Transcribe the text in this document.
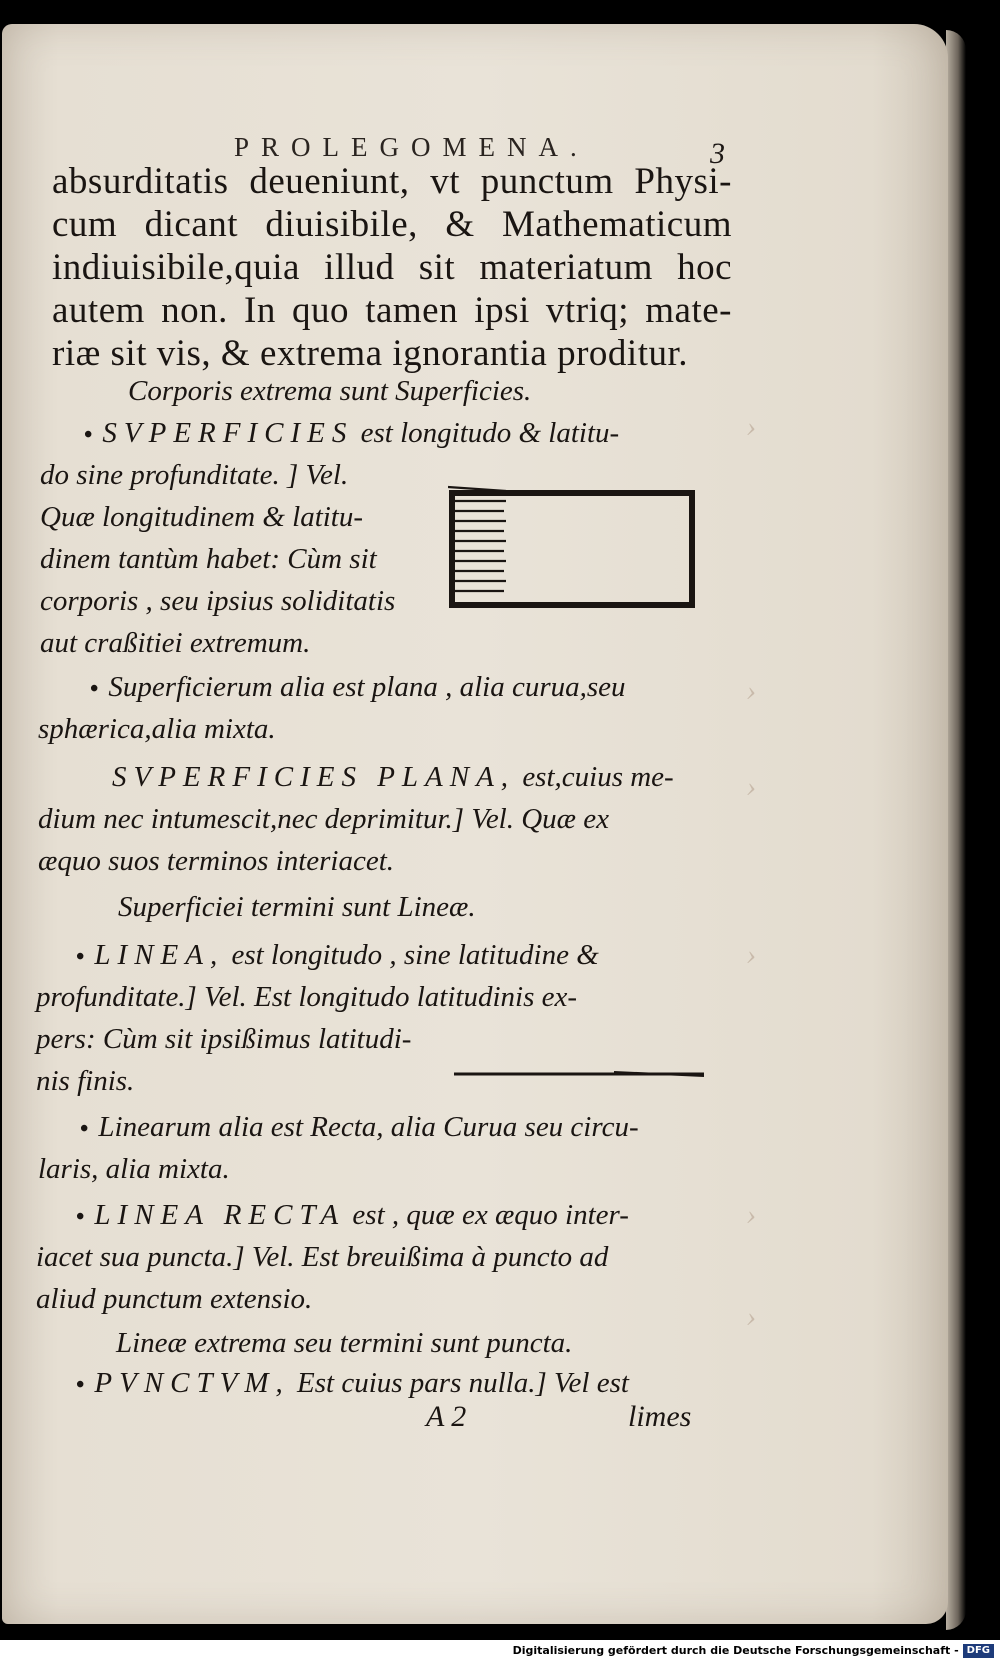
PROLEGOMENA.	3

absurditatis deueniunt, vt punctum Physi-

cum dicant diuisibile, & Mathematicum

indiuisibile,quia illud sit materiatum hoc

autem non. In quo tamen ipsi vtriq; mate-

riæ sit vis, & extrema ignorantia proditur.

Corporis extrema sunt Superficies.
• SVPERFICIES est longitudo & latitu-
do sine profunditate. ] Vel.
Quæ longitudinem & latitu-
dinem tantùm habet: Cùm sit
corporis , seu ipsius soliditatis
aut craßitiei extremum.
• Superficierum alia est plana , alia curua,seu
sphærica,alia mixta.
SVPERFICIES PLANA, est,cuius me-
dium nec intumescit,nec deprimitur.] Vel. Quæ ex
æquo suos terminos interiacet.
Superficiei termini sunt Lineæ.
• LINEA, est longitudo , sine latitudine &
profunditate.] Vel. Est longitudo latitudinis ex-
pers: Cùm sit ipsißimus latitudi-
nis finis.
• Linearum alia est Recta, alia Curua seu circu-
laris, alia mixta.
• LINEA RECTA est , quæ ex æquo inter-
iacet sua puncta.] Vel. Est breuißima à puncto ad
aliud punctum extensio.
Lineæ extrema seu termini sunt puncta.
• PVNCTVM, Est cuius pars nulla.] Vel est
A 2	limes
›
›
›
›
›
›
Digitalisierung gefördert durch die Deutsche Forschungsgemeinschaft - DFG
